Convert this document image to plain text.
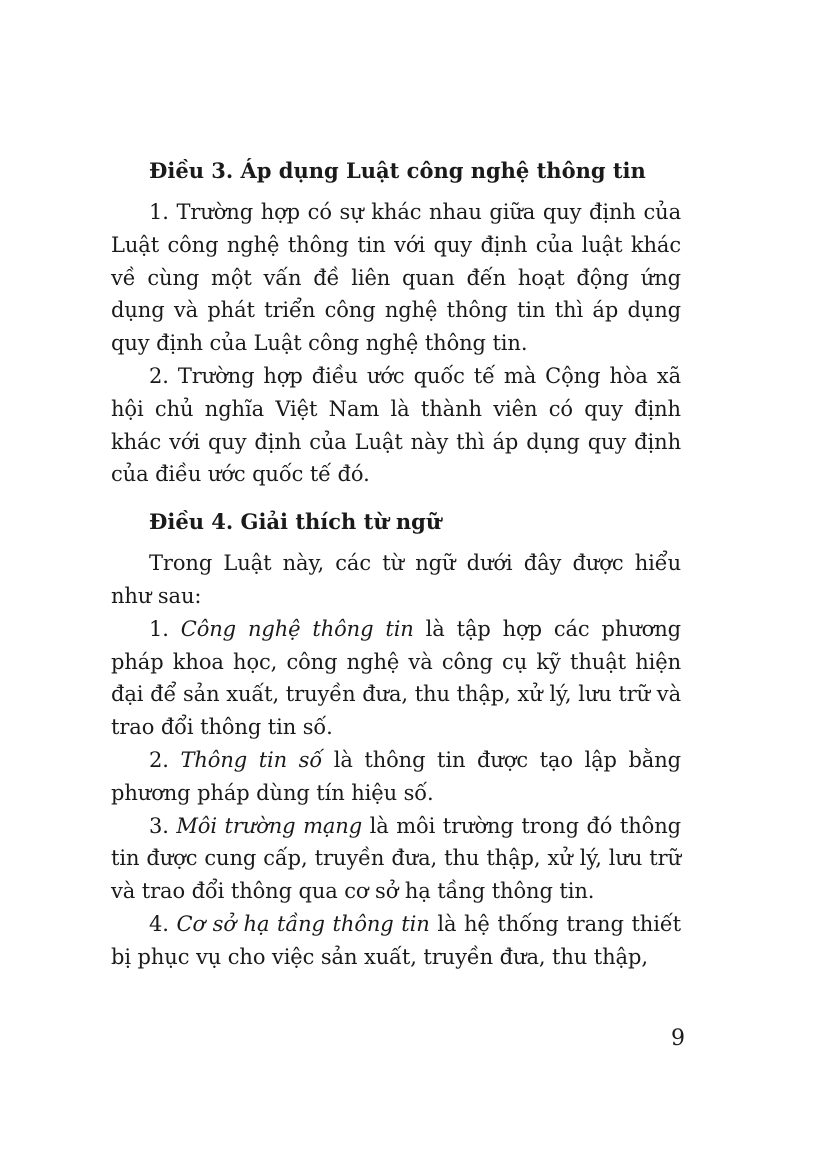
Điều 3. Áp dụng Luật công nghệ thông tin

1. Trường hợp có sự khác nhau giữa quy định của Luật công nghệ thông tin với quy định của luật khác về cùng một vấn đề liên quan đến hoạt động ứng dụng và phát triển công nghệ thông tin thì áp dụng quy định của Luật công nghệ thông tin.

2. Trường hợp điều ước quốc tế mà Cộng hòa xã hội chủ nghĩa Việt Nam là thành viên có quy định khác với quy định của Luật này thì áp dụng quy định của điều ước quốc tế đó.

Điều 4. Giải thích từ ngữ

Trong Luật này, các từ ngữ dưới đây được hiểu như sau:

1. Công nghệ thông tin là tập hợp các phương pháp khoa học, công nghệ và công cụ kỹ thuật hiện đại để sản xuất, truyền đưa, thu thập, xử lý, lưu trữ và trao đổi thông tin số.

2. Thông tin số là thông tin được tạo lập bằng phương pháp dùng tín hiệu số.

3. Môi trường mạng là môi trường trong đó thông tin được cung cấp, truyền đưa, thu thập, xử lý, lưu trữ và trao đổi thông qua cơ sở hạ tầng thông tin.

4. Cơ sở hạ tầng thông tin là hệ thống trang thiết bị phục vụ cho việc sản xuất, truyền đưa, thu thập,

9
